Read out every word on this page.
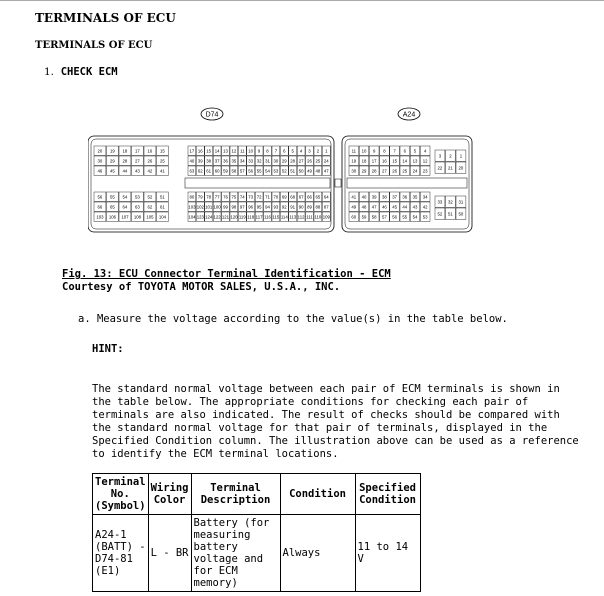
TERMINALS OF ECU
TERMINALS OF ECU
1. CHECK ECM
D74	A24
20 19 18 17 16 15
30 29 28 27 26 25
46 45 44 43 42 41
56 55 54 53 52 51
66 65 64 63 62 61
103 106 107 108 105 104
17 16 15 14 13 12 11 10 9 8 7 6 5 4 3 2 1
40 39 38 37 36 35 34 33 32 31 30 29 28 27 26 25 24
63 62 61 60 59 58 57 56 55 54 53 52 51 50 49 48 47
80 79 78 77 76 75 74 73 72 71 70 69 68 67 66 65 64
103 102 101 100 99 98 97 96 95 94 93 92 91 90 89 88 87
104 123 124 122 121 120 119 118 117 116 115 114 113 112 111 110 109
11 10 9 8 7 6 5 4
19 18 17 16 15 14 13 12
30 29 28 27 26 25 24 23
41 40 39 38 37 36 35 34
49 48 47 46 45 44 43 42
60 59 58 57 56 55 54 53
3 2 1
22 21 20
33 32 31
52 51 50
Fig. 13: ECU Connector Terminal Identification - ECM
Courtesy of TOYOTA MOTOR SALES, U.S.A., INC.
a. Measure the voltage according to the value(s) in the table below.
HINT:

The standard normal voltage between each pair of ECM terminals is shown in
the table below. The appropriate conditions for checking each pair of
terminals are also indicated. The result of checks should be compared with
the standard normal voltage for that pair of terminals, displayed in the
Specified Condition column. The illustration above can be used as a reference
to identify the ECM terminal locations.

Terminal No. (Symbol)	Wiring Color	Terminal Description	Condition	Specified Condition
A24-1 (BATT) - D74-81 (E1)	L - BR	Battery (for measuring battery voltage and for ECM memory)	Always	11 to 14 V
